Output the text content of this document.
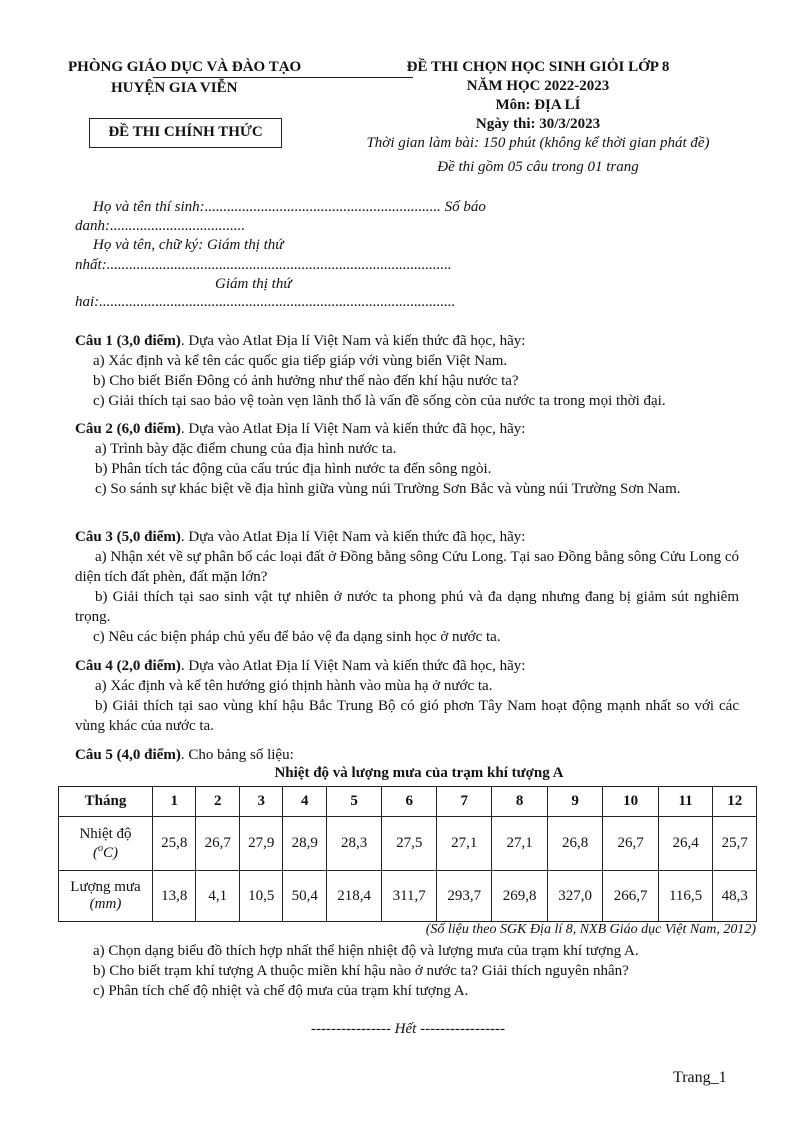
PHÒNG GIÁO DỤC VÀ ĐÀO TẠO
HUYỆN GIA VIỄN
ĐỀ THI CHÍNH THỨC
ĐỀ THI CHỌN HỌC SINH GIỎI LỚP 8
NĂM HỌC 2022-2023
Môn: ĐỊA LÍ
Ngày thi: 30/3/2023
Thời gian làm bài: 150 phút (không kể thời gian phát đề)
Đề thi gồm 05 câu trong 01 trang
Họ và tên thí sinh:............................................................... Số báo
danh:....................................
Họ và tên, chữ ký: Giám thị thứ
nhất:............................................................................................
Giám thị thứ
hai:...............................................................................................

Câu 1 (3,0 điểm). Dựa vào Atlat Địa lí Việt Nam và kiến thức đã học, hãy:

a) Xác định và kể tên các quốc gia tiếp giáp với vùng biển Việt Nam.

b) Cho biết Biển Đông có ảnh hưởng như thế nào đến khí hậu nước ta?

c) Giải thích tại sao bảo vệ toàn vẹn lãnh thổ là vấn đề sống còn của nước ta trong mọi thời đại.

Câu 2 (6,0 điểm). Dựa vào Atlat Địa lí Việt Nam và kiến thức đã học, hãy:

a) Trình bày đặc điểm chung của địa hình nước ta.

b) Phân tích tác động của cấu trúc địa hình nước ta đến sông ngòi.

c) So sánh sự khác biệt về địa hình giữa vùng núi Trường Sơn Bắc và vùng núi Trường Sơn Nam.

Câu 3 (5,0 điểm). Dựa vào Atlat Địa lí Việt Nam và kiến thức đã học, hãy:

a) Nhận xét về sự phân bố các loại đất ở Đồng bằng sông Cửu Long. Tại sao Đồng bằng sông Cửu Long có diện tích đất phèn, đất mặn lớn?

b) Giải thích tại sao sinh vật tự nhiên ở nước ta phong phú và đa dạng nhưng đang bị giảm sút nghiêm trọng.

c) Nêu các biện pháp chủ yếu để bảo vệ đa dạng sinh học ở nước ta.

Câu 4 (2,0 điểm). Dựa vào Atlat Địa lí Việt Nam và kiến thức đã học, hãy:

a) Xác định và kể tên hướng gió thịnh hành vào mùa hạ ở nước ta.

b) Giải thích tại sao vùng khí hậu Bắc Trung Bộ có gió phơn Tây Nam hoạt động mạnh nhất so với các vùng khác của nước ta.

Câu 5 (4,0 điểm). Cho bảng số liệu:

Nhiệt độ và lượng mưa của trạm khí tượng A
Tháng	1	2	3	4	5	6	7	8	9	10	11	12

Nhiệt độ
($^o$C)	25,8	26,7	27,9	28,9	28,3	27,5	27,1	27,1	26,8	26,7	26,4	25,7

Lượng mưa
(mm)	13,8	4,1	10,5	50,4	218,4	311,7	293,7	269,8	327,0	266,7	116,5	48,3
(Số liệu theo SGK Địa lí 8, NXB Giáo dục Việt Nam, 2012)

a) Chọn dạng biểu đồ thích hợp nhất thể hiện nhiệt độ và lượng mưa của trạm khí tượng A.

b) Cho biết trạm khí tượng A thuộc miền khí hậu nào ở nước ta? Giải thích nguyên nhân?

c) Phân tích chế độ nhiệt và chế độ mưa của trạm khí tượng A.

---------------- Hết -----------------
Trang_1
